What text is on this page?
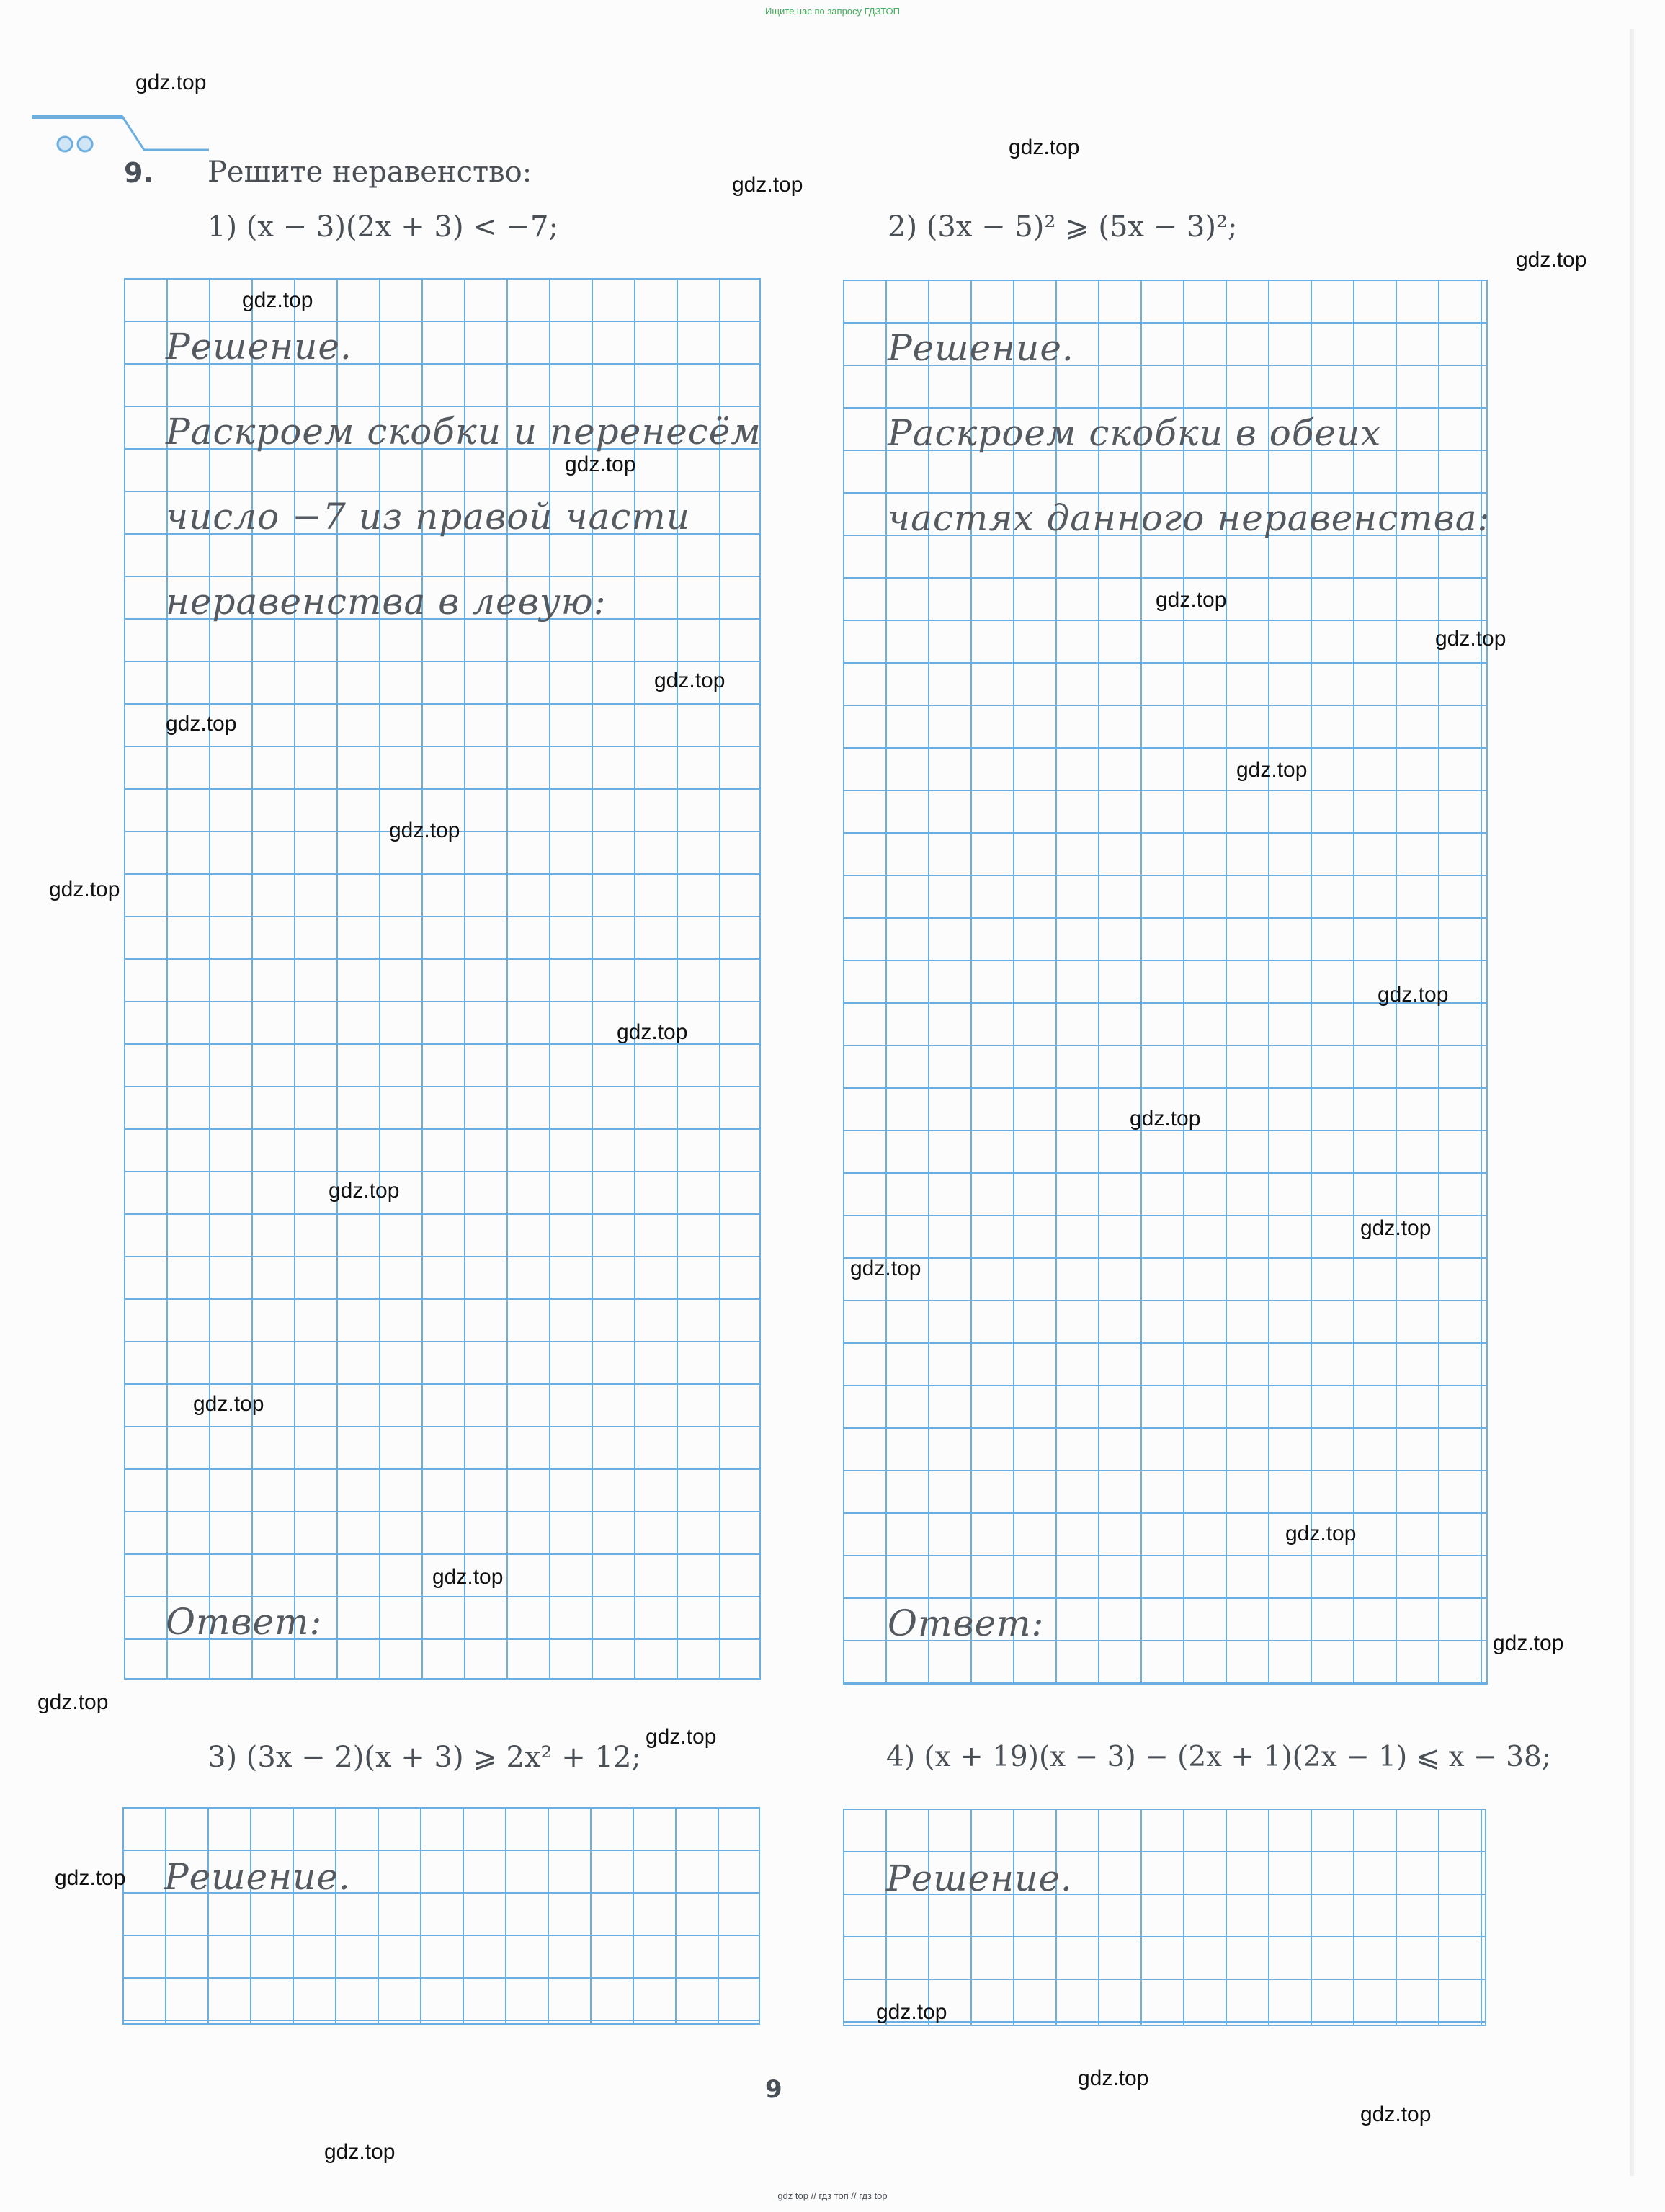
Ищите нас по запросу ГДЗТОП
9. Решите неравенство:
1) (x − 3)(2x + 3) < −7;	2) (3x − 5)² ⩾ (5x − 3)²;
Решение.
Раскроем скобки и перенесём
число −7 из правой части
неравенства в левую:
Ответ:
Решение.
Раскроем скобки в обеих
частях данного неравенства:
Ответ:
3) (3x − 2)(x + 3) ⩾ 2x² + 12;	4) (x + 19)(x − 3) − (2x + 1)(2x − 1) ⩽ x − 38;
Решение.	Решение.
9
gdz.top
gdz.top
gdz.top
gdz.top
gdz.top
gdz.top
gdz.top
gdz.top
gdz.top
gdz.top
gdz.top
gdz.top
gdz.top
gdz.top
gdz.top
gdz.top
gdz.top
gdz.top
gdz.top
gdz.top
gdz.top
gdz.top
gdz.top
gdz.top
gdz.top
gdz.top
gdz.top
gdz.top
gdz.top
gdz.top
gdz top // гдз топ // гдз top
